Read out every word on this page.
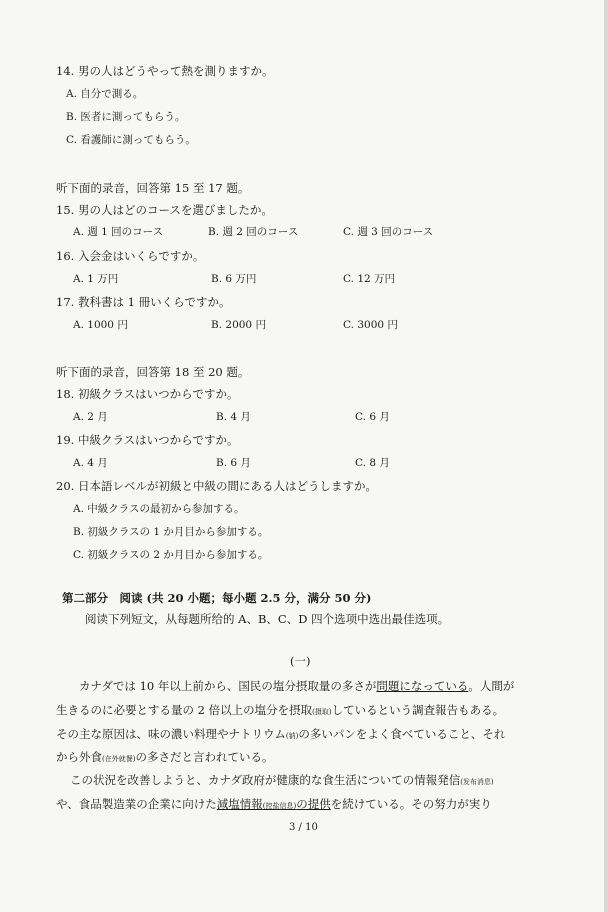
14. 男の人はどうやって熱を測りますか。
A. 自分で測る。
B. 医者に測ってもらう。
C. 看護師に測ってもらう。
听下面的录音，回答第 15 至 17 题。
15. 男の人はどのコースを選びましたか。
A. 週 1 回のコース	B. 週 2 回のコース	C. 週 3 回のコース
16. 入会金はいくらですか。
A. 1 万円	B. 6 万円	C. 12 万円
17. 教科書は 1 冊いくらですか。
A. 1000 円	B. 2000 円	C. 3000 円
听下面的录音，回答第 18 至 20 题。
18. 初級クラスはいつからですか。
A. 2 月	B. 4 月	C. 6 月
19. 中級クラスはいつからですか。
A. 4 月	B. 6 月	C. 8 月
20. 日本語レベルが初級と中級の間にある人はどうしますか。
A. 中級クラスの最初から参加する。
B. 初級クラスの 1 か月目から参加する。
C. 初級クラスの 2 か月目から参加する。
第二部分　阅读 (共 20 小题；每小题 2.5 分，满分 50 分)
阅读下列短文，从每题所给的 A、B、C、D 四个选项中选出最佳选项。
(一)
カナダでは 10 年以上前から、国民の塩分摂取量の多さが問題になっている。人間が
生きるのに必要とする量の 2 倍以上の塩分を摂取(摄取)しているという調査報告もある。
その主な原因は、味の濃い料理やナトリウム(钠)の多いパンをよく食べていること、それ
から外食(在外就餐)の多さだと言われている。
この状況を改善しようと、カナダ政府が健康的な食生活についての情報発信(发布消息)
や、食品製造業の企業に向けた減塩情報(控盐信息)の提供を続けている。その努力が実り
3 / 10
